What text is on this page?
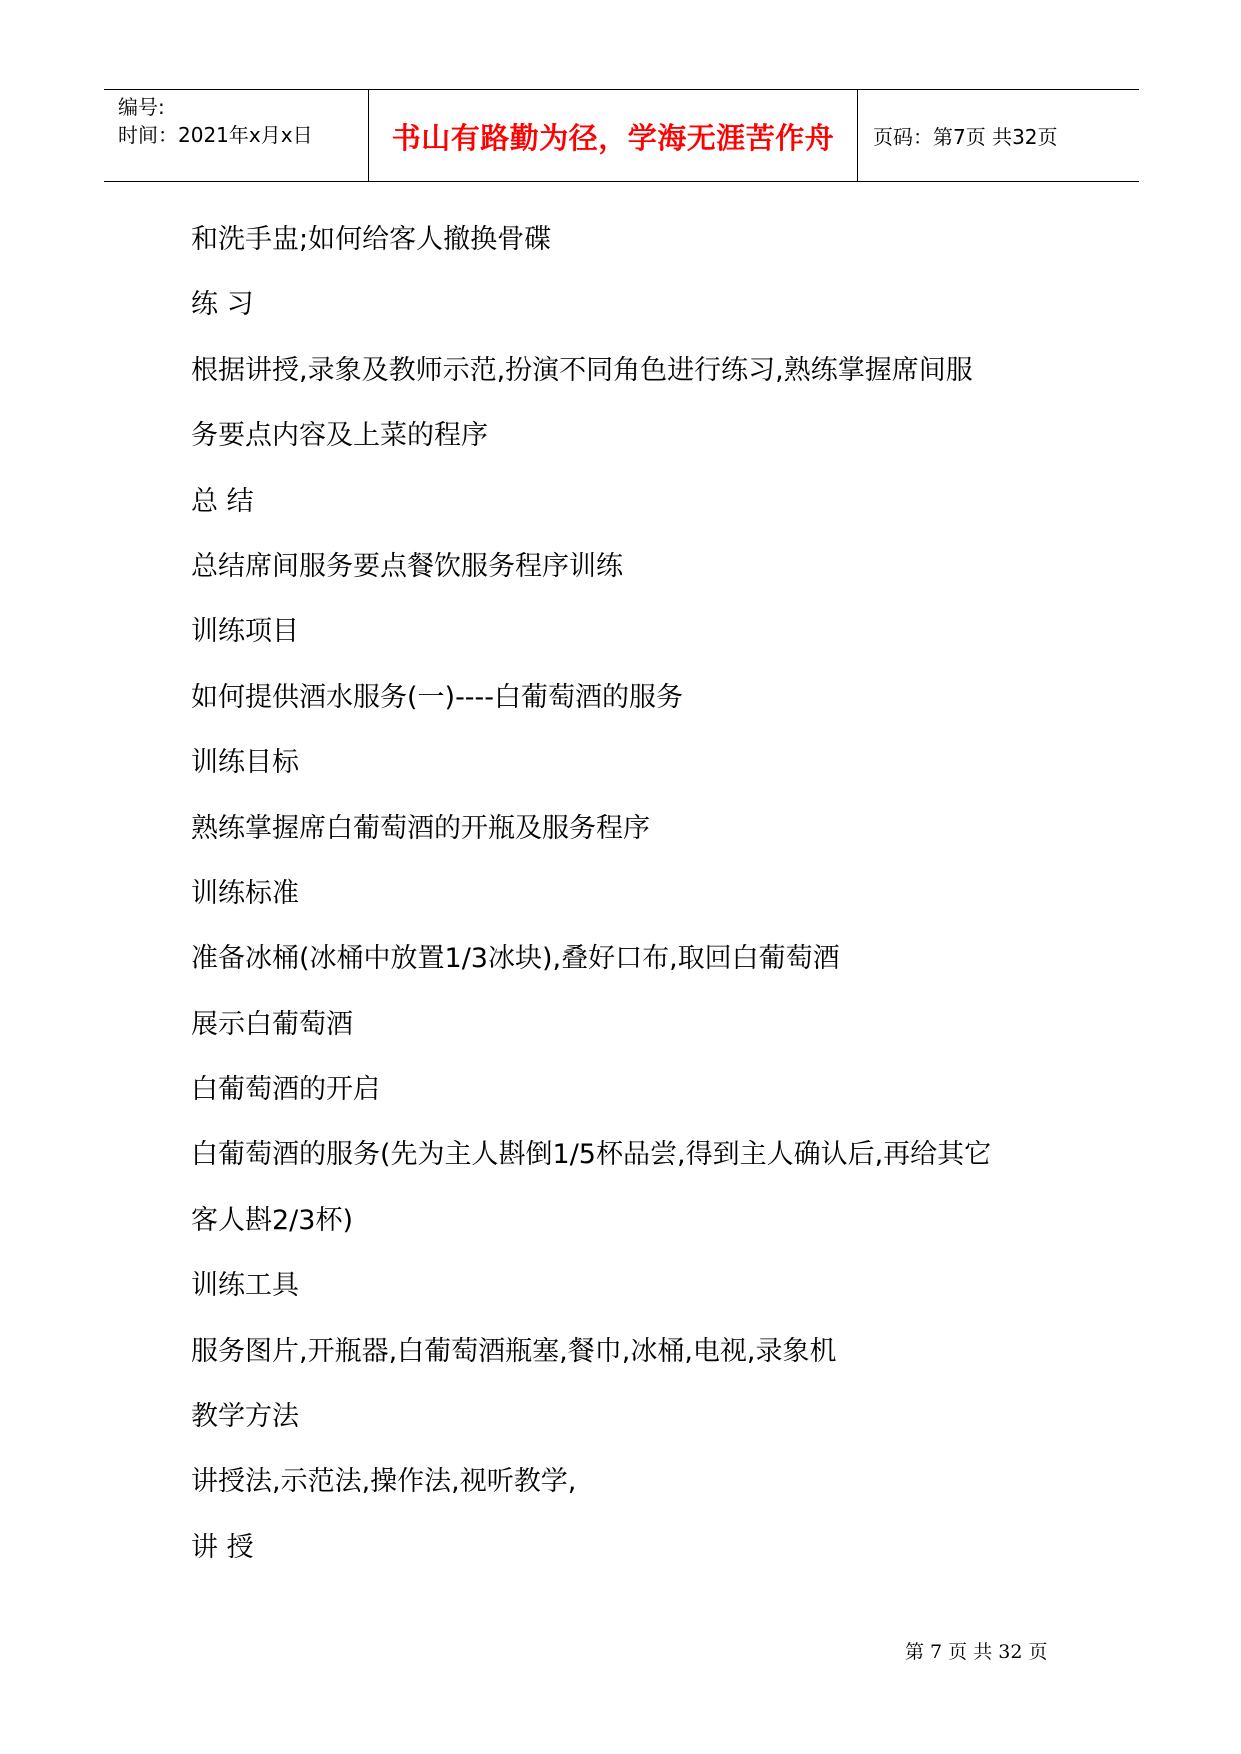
编号:
时间：2021年x月x日	书山有路勤为径，学海无涯苦作舟	页码：第7页 共32页
和洗手盅;如何给客人撤换骨碟
练 习
根据讲授,录象及教师示范,扮演不同角色进行练习,熟练掌握席间服
务要点内容及上菜的程序
总 结
总结席间服务要点餐饮服务程序训练
训练项目
如何提供酒水服务(一)----白葡萄酒的服务
训练目标
熟练掌握席白葡萄酒的开瓶及服务程序
训练标准
准备冰桶(冰桶中放置1/3冰块),叠好口布,取回白葡萄酒
展示白葡萄酒
白葡萄酒的开启
白葡萄酒的服务(先为主人斟倒1/5杯品尝,得到主人确认后,再给其它
客人斟2/3杯)
训练工具
服务图片,开瓶器,白葡萄酒瓶塞,餐巾,冰桶,电视,录象机
教学方法
讲授法,示范法,操作法,视听教学,
讲 授
第 7 页 共 32 页
